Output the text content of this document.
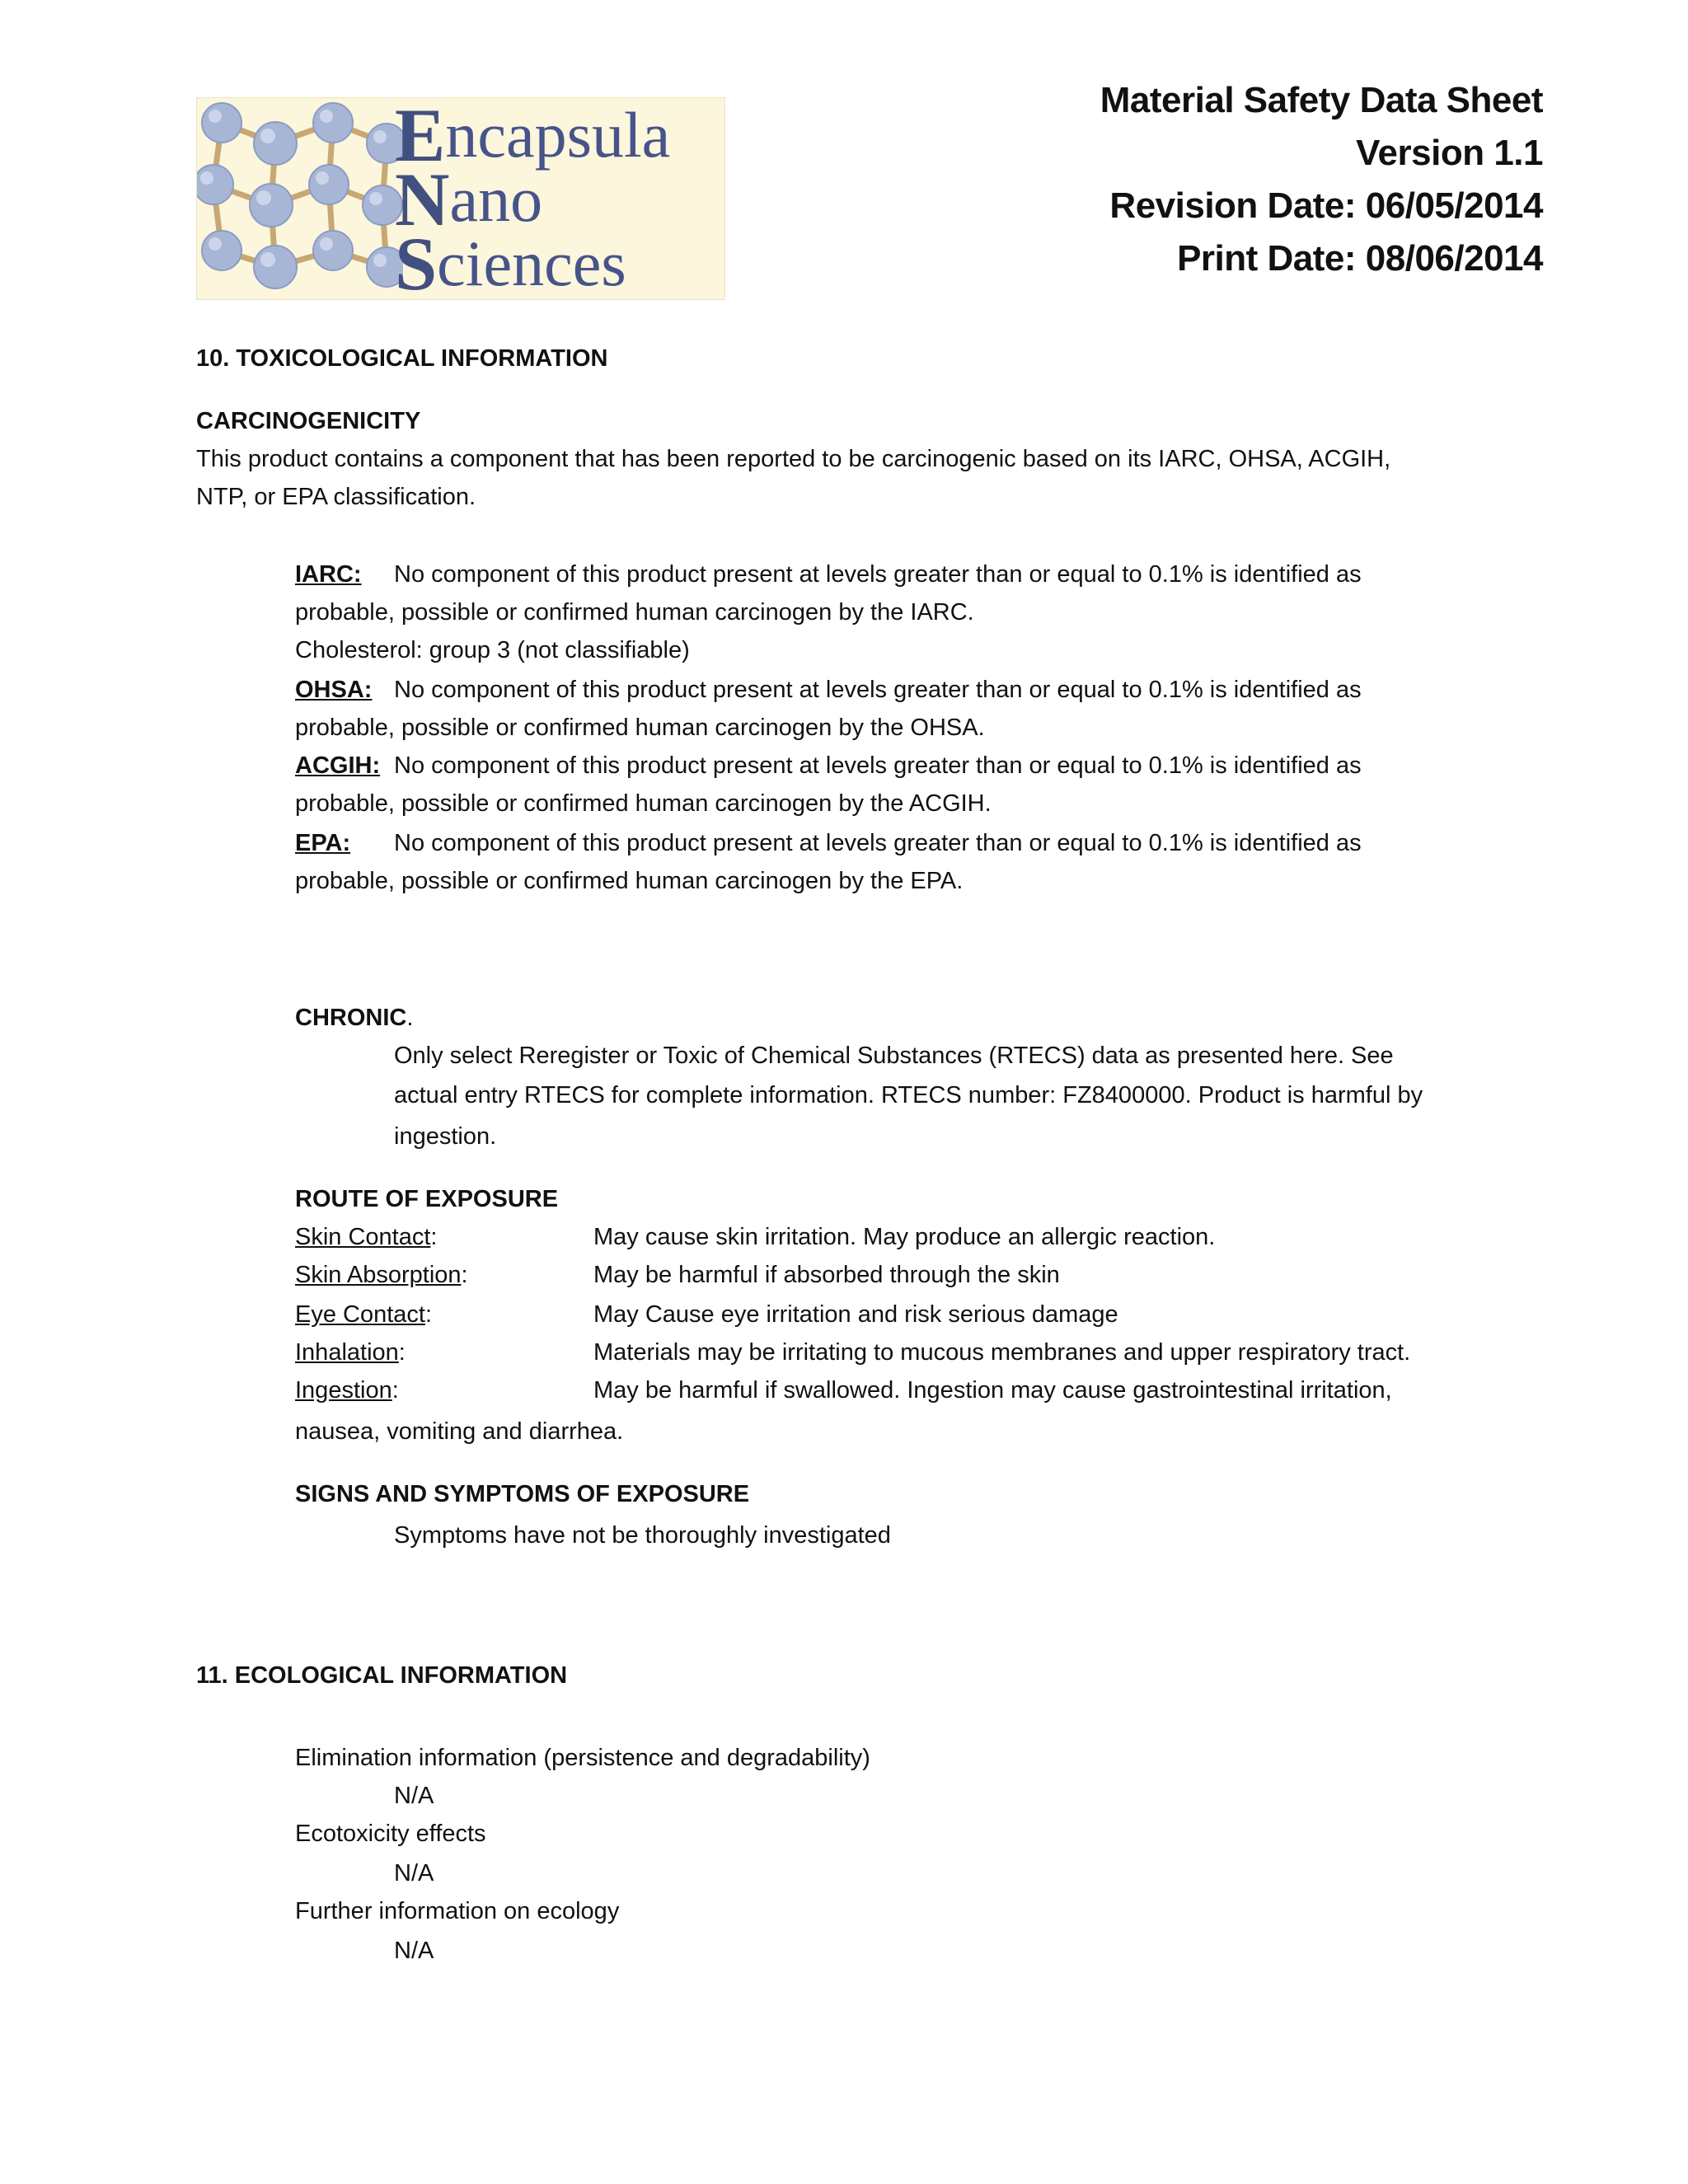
Encapsula
Nano
Sciences
Material Safety Data Sheet
Version 1.1
Revision Date: 06/05/2014
Print Date: 08/06/2014
10. TOXICOLOGICAL INFORMATION
CARCINOGENICITY
This product contains a component that has been reported to be carcinogenic based on its IARC, OHSA, ACGIH,
NTP, or EPA classification.
IARC: No component of this product present at levels greater than or equal to 0.1% is identified as
probable, possible or confirmed human carcinogen by the IARC.
Cholesterol: group 3 (not classifiable)
OHSA: No component of this product present at levels greater than or equal to 0.1% is identified as
probable, possible or confirmed human carcinogen by the OHSA.
ACGIH: No component of this product present at levels greater than or equal to 0.1% is identified as
probable, possible or confirmed human carcinogen by the ACGIH.
EPA: No component of this product present at levels greater than or equal to 0.1% is identified as
probable, possible or confirmed human carcinogen by the EPA.
CHRONIC.
Only select Reregister or Toxic of Chemical Substances (RTECS) data as presented here. See
actual entry RTECS for complete information. RTECS number: FZ8400000. Product is harmful by
ingestion.
ROUTE OF EXPOSURE
Skin Contact:	May cause skin irritation. May produce an allergic reaction.
Skin Absorption:	May be harmful if absorbed through the skin
Eye Contact:	May Cause eye irritation and risk serious damage
Inhalation:	Materials may be irritating to mucous membranes and upper respiratory tract.
Ingestion:	May be harmful if swallowed. Ingestion may cause gastrointestinal irritation,
nausea, vomiting and diarrhea.
SIGNS AND SYMPTOMS OF EXPOSURE
Symptoms have not be thoroughly investigated
11. ECOLOGICAL INFORMATION
Elimination information (persistence and degradability)
N/A
Ecotoxicity effects
N/A
Further information on ecology
N/A
